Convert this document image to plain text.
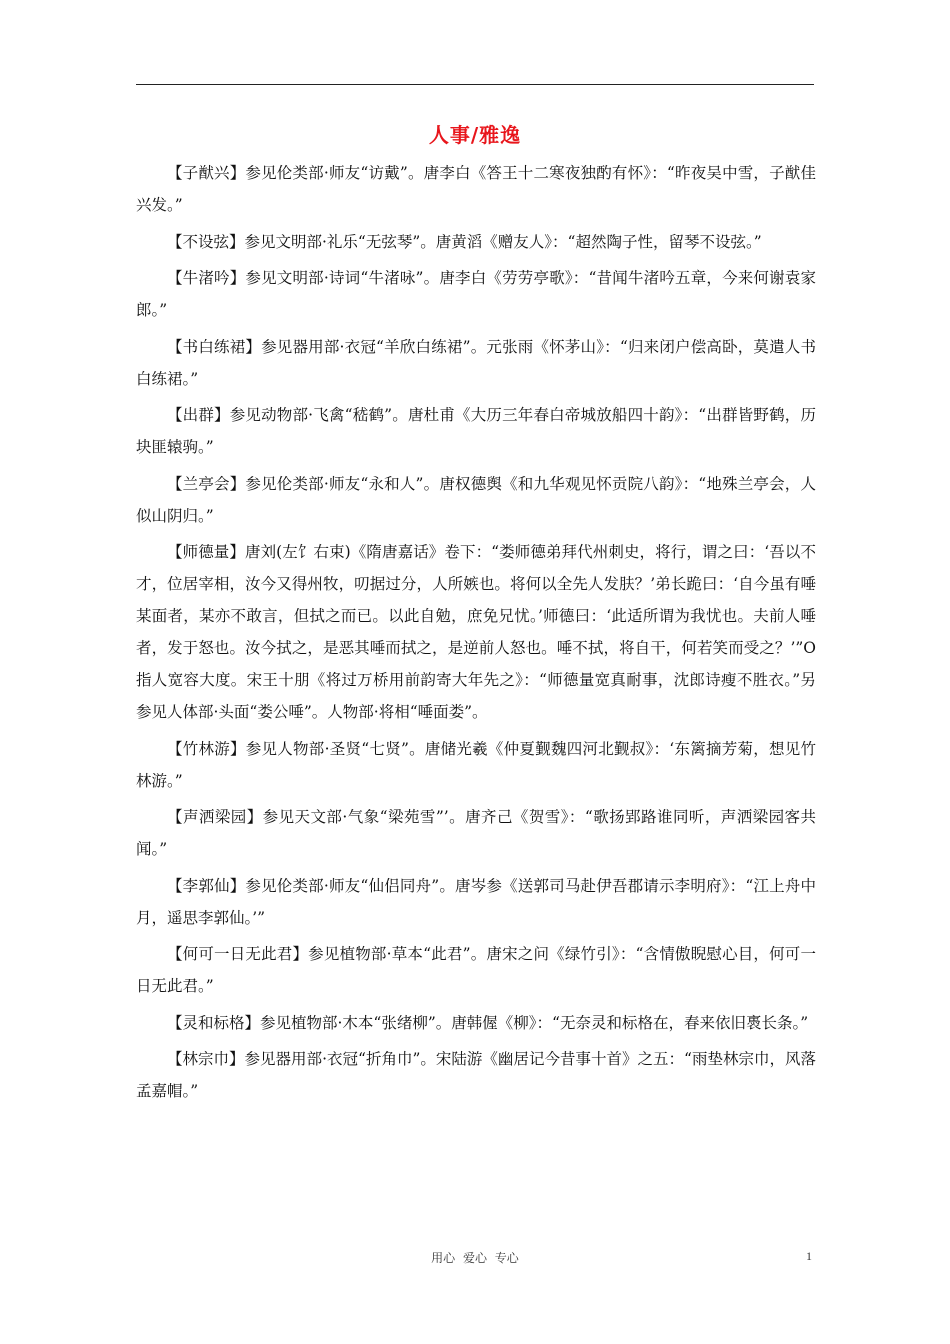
人事/雅逸

【子猷兴】参见伦类部·师友“访戴”。唐李白《答王十二寒夜独酌有怀》：“昨夜吴中雪，子猷佳兴发。”

【不设弦】参见文明部·礼乐“无弦琴”。唐黄滔《赠友人》：“超然陶子性，留琴不设弦。”

【牛渚吟】参见文明部·诗词“牛渚咏”。唐李白《劳劳亭歌》：“昔闻牛渚吟五章，今来何谢袁家郎。”

【书白练裙】参见器用部·衣冠“羊欣白练裙”。元张雨《怀茅山》：“归来闭户偿高卧，莫遣人书白练裙。”

【出群】参见动物部·飞禽“嵇鹤”。唐杜甫《大历三年春白帝城放船四十韵》：“出群皆野鹤，历块匪辕驹。”

【兰亭会】参见伦类部·师友“永和人”。唐权德舆《和九华观见怀贡院八韵》：“地殊兰亭会，人似山阴归。”

【师德量】唐刘(左饣右束)《隋唐嘉话》卷下：“娄师德弟拜代州刺史，将行，谓之曰：‘吾以不才，位居宰相，汝今又得州牧，叨据过分，人所嫉也。将何以全先人发肤？’弟长跪曰：‘自今虽有唾某面者，某亦不敢言，但拭之而已。以此自勉，庶免兄忧。’师德曰：‘此适所谓为我忧也。夫前人唾者，发于怒也。汝今拭之，是恶其唾而拭之，是逆前人怒也。唾不拭，将自干，何若笑而受之？’”O指人宽容大度。宋王十朋《将过万桥用前韵寄大年先之》：“师德量宽真耐事，沈郎诗瘦不胜衣。”另参见人体部·头面“娄公唾”。人物部·将相“唾面娄”。

【竹林游】参见人物部·圣贤“七贤”。唐储光羲《仲夏觐魏四河北觐叔》：‘东篱摘芳菊，想见竹林游。”

【声洒梁园】参见天文部·气象“梁苑雪”’。唐齐己《贺雪》：“歌扬郢路谁同听，声洒梁园客共闻。”

【李郭仙】参见伦类部·师友“仙侣同舟”。唐岑参《送郭司马赴伊吾郡请示李明府》：“江上舟中月，遥思李郭仙。’”

【何可一日无此君】参见植物部·草本“此君”。唐宋之问《绿竹引》：“含情傲睨慰心目，何可一日无此君。”

【灵和标格】参见植物部·木本“张绪柳”。唐韩偓《柳》：“无奈灵和标格在，春来依旧褭长条。”

【林宗巾】参见器用部·衣冠“折角巾”。宋陆游《幽居记今昔事十首》之五：“雨垫林宗巾，风落孟嘉帽。”

用心 爱心 专心	1
